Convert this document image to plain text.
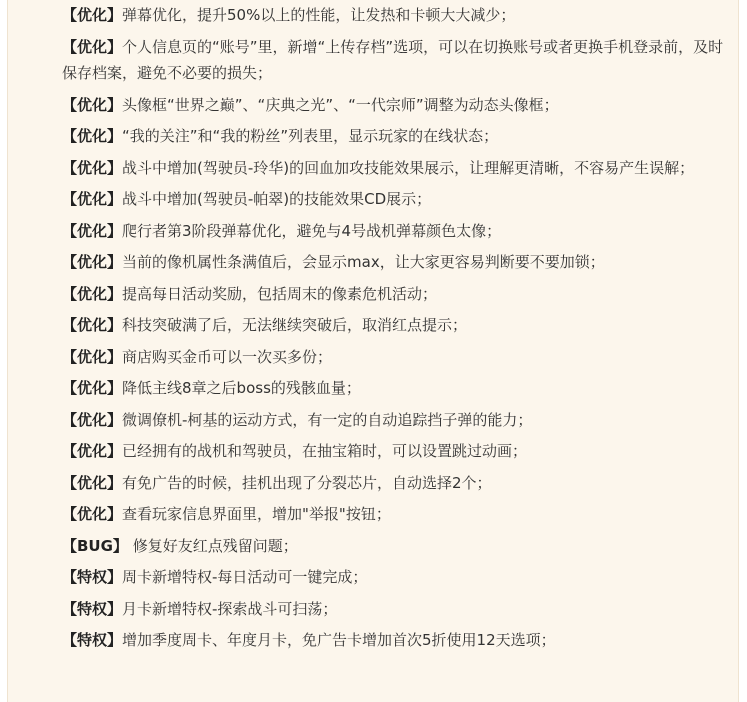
【优化】弹幕优化，提升50%以上的性能，让发热和卡顿大大减少；
【优化】个人信息页的“账号”里，新增“上传存档”选项，可以在切换账号或者更换手机登录前，及时保存档案，避免不必要的损失；
【优化】头像框“世界之巅”、“庆典之光”、“一代宗师”调整为动态头像框；
【优化】“我的关注”和“我的粉丝”列表里，显示玩家的在线状态；
【优化】战斗中增加(驾驶员-玲华)的回血加攻技能效果展示，让理解更清晰，不容易产生误解；
【优化】战斗中增加(驾驶员-帕翠)的技能效果CD展示；
【优化】爬行者第3阶段弹幕优化，避免与4号战机弹幕颜色太像；
【优化】当前的像机属性条满值后，会显示max，让大家更容易判断要不要加锁；
【优化】提高每日活动奖励，包括周末的像素危机活动；
【优化】科技突破满了后，无法继续突破后，取消红点提示；
【优化】商店购买金币可以一次买多份；
【优化】降低主线8章之后boss的残骸血量；
【优化】微调僚机-柯基的运动方式，有一定的自动追踪挡子弹的能力；
【优化】已经拥有的战机和驾驶员，在抽宝箱时，可以设置跳过动画；
【优化】有免广告的时候，挂机出现了分裂芯片，自动选择2个；
【优化】查看玩家信息界面里，增加"举报"按钮；
【BUG】 修复好友红点残留问题；
【特权】周卡新增特权-每日活动可一键完成；
【特权】月卡新增特权-探索战斗可扫荡；
【特权】增加季度周卡、年度月卡，免广告卡增加首次5折使用12天选项；
